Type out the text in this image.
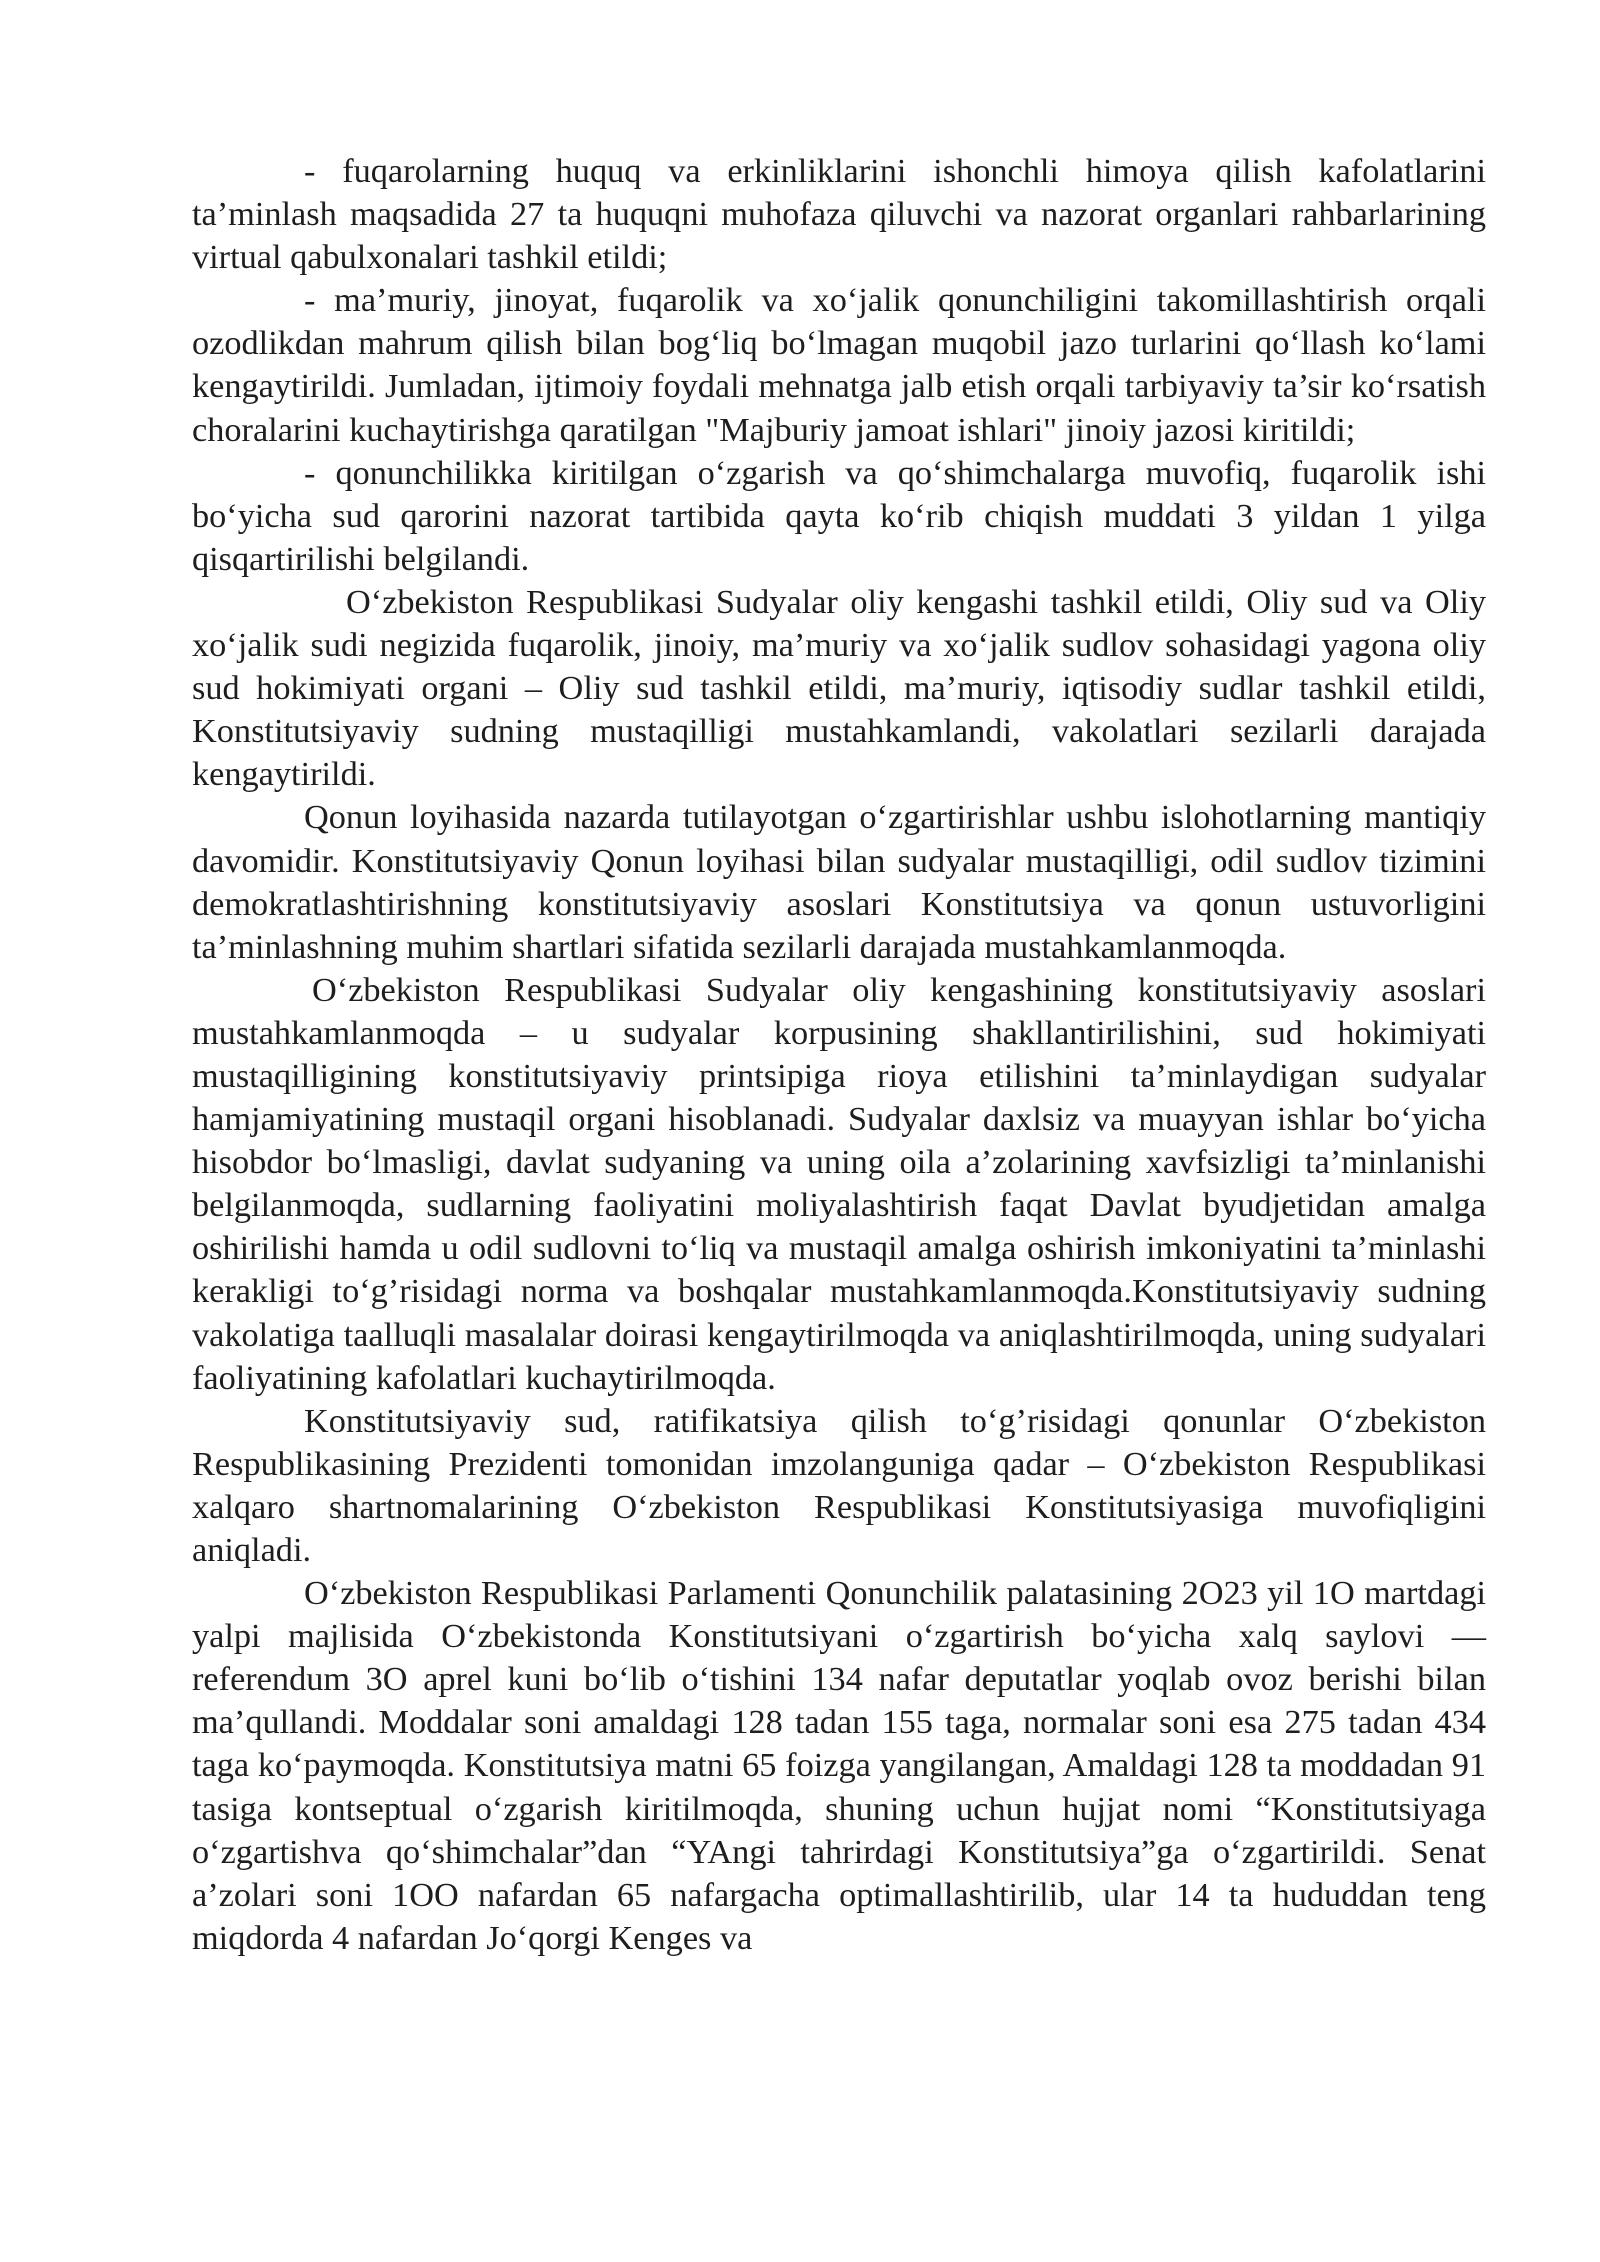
- fuqarolarning huquq va erkinliklarini ishonchli himoya qilish kafolatlarini ta’minlash maqsadida 27 ta huquqni muhofaza qiluvchi va nazorat organlari rahbarlarining virtual qabulxonalari tashkil etildi;

- ma’muriy, jinoyat, fuqarolik va xo‘jalik qonunchiligini takomillashtirish orqali ozodlikdan mahrum qilish bilan bog‘liq bo‘lmagan muqobil jazo turlarini qo‘llash ko‘lami kengaytirildi. Jumladan, ijtimoiy foydali mehnatga jalb etish orqali tarbiyaviy ta’sir ko‘rsatish choralarini kuchaytirishga qaratilgan "Majburiy jamoat ishlari" jinoiy jazosi kiritildi;

- qonunchilikka kiritilgan o‘zgarish va qo‘shimchalarga muvofiq, fuqarolik ishi bo‘yicha sud qarorini nazorat tartibida qayta ko‘rib chiqish muddati 3 yildan 1 yilga qisqartirilishi belgilandi.

O‘zbekiston Respublikasi Sudyalar oliy kengashi tashkil etildi, Oliy sud va Oliy xo‘jalik sudi negizida fuqarolik, jinoiy, ma’muriy va xo‘jalik sudlov sohasidagi yagona oliy sud hokimiyati organi – Oliy sud tashkil etildi, ma’muriy, iqtisodiy sudlar tashkil etildi, Konstitutsiyaviy sudning mustaqilligi mustahkamlandi, vakolatlari sezilarli darajada kengaytirildi.

Qonun loyihasida nazarda tutilayotgan o‘zgartirishlar ushbu islohotlarning mantiqiy davomidir. Konstitutsiyaviy Qonun loyihasi bilan sudyalar mustaqilligi, odil sudlov tizimini demokratlashtirishning konstitutsiyaviy asoslari Konstitutsiya va qonun ustuvorligini ta’minlashning muhim shartlari sifatida sezilarli darajada mustahkamlanmoqda.

O‘zbekiston Respublikasi Sudyalar oliy kengashining konstitutsiyaviy asoslari mustahkamlanmoqda – u sudyalar korpusining shakllantirilishini, sud hokimiyati mustaqilligining konstitutsiyaviy printsipiga rioya etilishini ta’minlaydigan sudyalar hamjamiyatining mustaqil organi hisoblanadi. Sudyalar daxlsiz va muayyan ishlar bo‘yicha hisobdor bo‘lmasligi, davlat sudyaning va uning oila a’zolarining xavfsizligi ta’minlanishi belgilanmoqda, sudlarning faoliyatini moliyalashtirish faqat Davlat byudjetidan amalga oshirilishi hamda u odil sudlovni to‘liq va mustaqil amalga oshirish imkoniyatini ta’minlashi kerakligi to‘g’risidagi norma va boshqalar mustahkamlanmoqda.Konstitutsiyaviy sudning vakolatiga taalluqli masalalar doirasi kengaytirilmoqda va aniqlashtirilmoqda, uning sudyalari faoliyatining kafolatlari kuchaytirilmoqda.

Konstitutsiyaviy sud, ratifikatsiya qilish to‘g’risidagi qonunlar O‘zbekiston Respublikasining Prezidenti tomonidan imzolanguniga qadar – O‘zbekiston Respublikasi xalqaro shartnomalarining O‘zbekiston Respublikasi Konstitutsiyasiga muvofiqligini aniqladi.

O‘zbekiston Respublikasi Parlamenti Qonunchilik palatasining 2O23 yil 1O martdagi yalpi majlisida O‘zbekistonda Konstitutsiyani o‘zgartirish bo‘yicha xalq saylovi — referendum 3O aprel kuni bo‘lib o‘tishini 134 nafar deputatlar yoqlab ovoz berishi bilan ma’qullandi. Moddalar soni amaldagi 128 tadan 155 taga, normalar soni esa 275 tadan 434 taga ko‘paymoqda. Konstitutsiya matni 65 foizga yangilangan, Amaldagi 128 ta moddadan 91 tasiga kontseptual o‘zgarish kiritilmoqda, shuning uchun hujjat nomi “Konstitutsiyaga o‘zgartishva qo‘shimchalar”dan “YAngi tahrirdagi Konstitutsiya”ga o‘zgartirildi. Senat a’zolari soni 1OO nafardan 65 nafargacha optimallashtirilib, ular 14 ta hududdan teng miqdorda 4 nafardan Jo‘qorgi Kenges va
